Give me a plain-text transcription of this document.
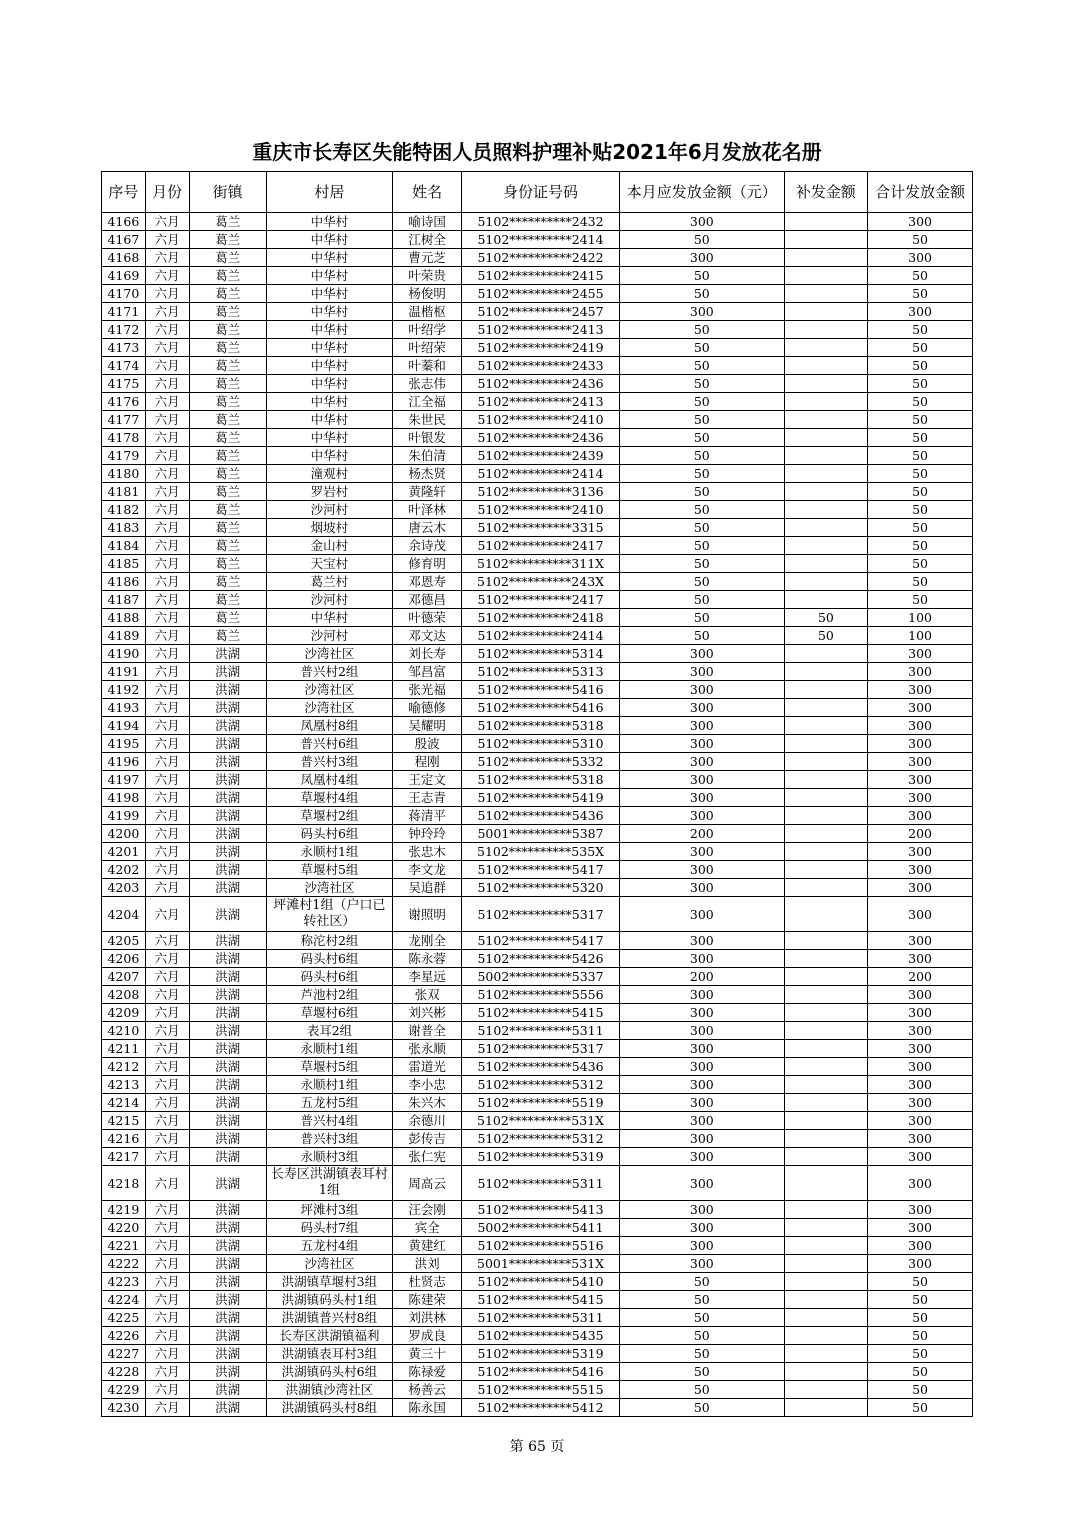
重庆市长寿区失能特困人员照料护理补贴2021年6月发放花名册
序号	月份	街镇	村居	姓名	身份证号码	本月应发放金额（元）	补发金额	合计发放金额
4166	六月	葛兰	中华村	喻诗国	5102**********2432	300		300
4167	六月	葛兰	中华村	江树全	5102**********2414	50		50
4168	六月	葛兰	中华村	曹元芝	5102**********2422	300		300
4169	六月	葛兰	中华村	叶荣贵	5102**********2415	50		50
4170	六月	葛兰	中华村	杨俊明	5102**********2455	50		50
4171	六月	葛兰	中华村	温楷枢	5102**********2457	300		300
4172	六月	葛兰	中华村	叶绍学	5102**********2413	50		50
4173	六月	葛兰	中华村	叶绍荣	5102**********2419	50		50
4174	六月	葛兰	中华村	叶蓁和	5102**********2433	50		50
4175	六月	葛兰	中华村	张志伟	5102**********2436	50		50
4176	六月	葛兰	中华村	江全福	5102**********2413	50		50
4177	六月	葛兰	中华村	朱世民	5102**********2410	50		50
4178	六月	葛兰	中华村	叶银发	5102**********2436	50		50
4179	六月	葛兰	中华村	朱伯清	5102**********2439	50		50
4180	六月	葛兰	潼观村	杨杰贤	5102**********2414	50		50
4181	六月	葛兰	罗岩村	黄隆轩	5102**********3136	50		50
4182	六月	葛兰	沙河村	叶泽林	5102**********2410	50		50
4183	六月	葛兰	烟坡村	唐云木	5102**********3315	50		50
4184	六月	葛兰	金山村	余诗茂	5102**********2417	50		50
4185	六月	葛兰	天宝村	修育明	5102**********311X	50		50
4186	六月	葛兰	葛兰村	邓恩寿	5102**********243X	50		50
4187	六月	葛兰	沙河村	邓德昌	5102**********2417	50		50
4188	六月	葛兰	中华村	叶德荣	5102**********2418	50	50	100
4189	六月	葛兰	沙河村	邓文达	5102**********2414	50	50	100
4190	六月	洪湖	沙湾社区	刘长寿	5102**********5314	300		300
4191	六月	洪湖	普兴村2组	邹昌富	5102**********5313	300		300
4192	六月	洪湖	沙湾社区	张光福	5102**********5416	300		300
4193	六月	洪湖	沙湾社区	喻德修	5102**********5416	300		300
4194	六月	洪湖	凤凰村8组	吴耀明	5102**********5318	300		300
4195	六月	洪湖	普兴村6组	殷波	5102**********5310	300		300
4196	六月	洪湖	普兴村3组	程刚	5102**********5332	300		300
4197	六月	洪湖	凤凰村4组	王定文	5102**********5318	300		300
4198	六月	洪湖	草堰村4组	王志青	5102**********5419	300		300
4199	六月	洪湖	草堰村2组	蒋清平	5102**********5436	300		300
4200	六月	洪湖	码头村6组	钟玲玲	5001**********5387	200		200
4201	六月	洪湖	永顺村1组	张忠木	5102**********535X	300		300
4202	六月	洪湖	草堰村5组	李文龙	5102**********5417	300		300
4203	六月	洪湖	沙湾社区	吴追群	5102**********5320	300		300
4204	六月	洪湖	坪滩村1组（户口已转社区）	谢照明	5102**********5317	300		300
4205	六月	洪湖	称沱村2组	龙刚全	5102**********5417	300		300
4206	六月	洪湖	码头村6组	陈永蓉	5102**********5426	300		300
4207	六月	洪湖	码头村6组	李星远	5002**********5337	200		200
4208	六月	洪湖	芦池村2组	张双	5102**********5556	300		300
4209	六月	洪湖	草堰村6组	刘兴彬	5102**********5415	300		300
4210	六月	洪湖	表耳2组	谢普全	5102**********5311	300		300
4211	六月	洪湖	永顺村1组	张永顺	5102**********5317	300		300
4212	六月	洪湖	草堰村5组	雷道光	5102**********5436	300		300
4213	六月	洪湖	永顺村1组	李小忠	5102**********5312	300		300
4214	六月	洪湖	五龙村5组	朱兴木	5102**********5519	300		300
4215	六月	洪湖	普兴村4组	余德川	5102**********531X	300		300
4216	六月	洪湖	普兴村3组	彭传吉	5102**********5312	300		300
4217	六月	洪湖	永顺村3组	张仁宪	5102**********5319	300		300
4218	六月	洪湖	长寿区洪湖镇表耳村1组	周高云	5102**********5311	300		300
4219	六月	洪湖	坪滩村3组	汪会刚	5102**********5413	300		300
4220	六月	洪湖	码头村7组	宾全	5002**********5411	300		300
4221	六月	洪湖	五龙村4组	黄建红	5102**********5516	300		300
4222	六月	洪湖	沙湾社区	洪刘	5001**********531X	300		300
4223	六月	洪湖	洪湖镇草堰村3组	杜贤志	5102**********5410	50		50
4224	六月	洪湖	洪湖镇码头村1组	陈建荣	5102**********5415	50		50
4225	六月	洪湖	洪湖镇普兴村8组	刘洪林	5102**********5311	50		50
4226	六月	洪湖	长寿区洪湖镇福利	罗成良	5102**********5435	50		50
4227	六月	洪湖	洪湖镇表耳村3组	黄三十	5102**********5319	50		50
4228	六月	洪湖	洪湖镇码头村6组	陈禄爱	5102**********5416	50		50
4229	六月	洪湖	洪湖镇沙湾社区	杨善云	5102**********5515	50		50
4230	六月	洪湖	洪湖镇码头村8组	陈永国	5102**********5412	50		50
第 65 页
